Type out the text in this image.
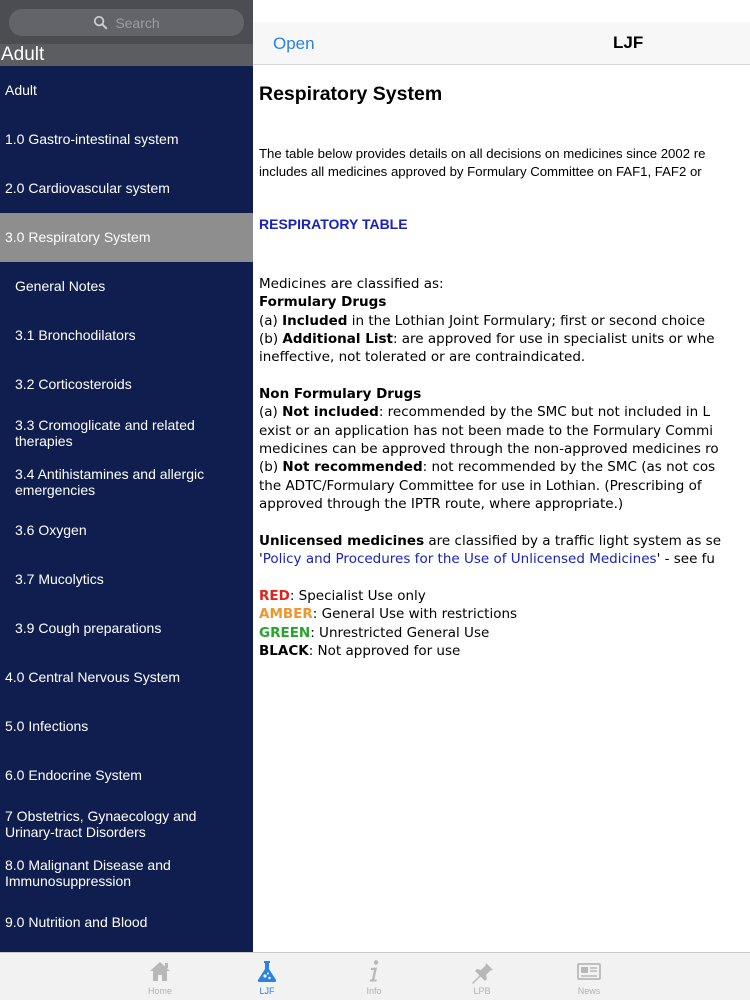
Search
Adult
Adult
1.0 Gastro-intestinal system
2.0 Cardiovascular system
3.0 Respiratory System
General Notes
3.1 Bronchodilators
3.2 Corticosteroids
3.3 Cromoglicate and related therapies
3.4 Antihistamines and allergic emergencies
3.6 Oxygen
3.7 Mucolytics
3.9 Cough preparations
4.0 Central Nervous System
5.0 Infections
6.0 Endocrine System
7 Obstetrics, Gynaecology and Urinary-tract Disorders
8.0 Malignant Disease and Immunosuppression
9.0 Nutrition and Blood
Open	LJF
Respiratory System
The table below provides details on all decisions on medicines since 2002 re
includes all medicines approved by Formulary Committee on FAF1, FAF2 or
RESPIRATORY TABLE

Medicines are classified as:

Formulary Drugs

(a) Included in the Lothian Joint Formulary; first or second choice

(b) Additional List: are approved for use in specialist units or whe

ineffective, not tolerated or are contraindicated.

Non Formulary Drugs

(a) Not included: recommended by the SMC but not included in L

exist or an application has not been made to the Formulary Commi

medicines can be approved through the non-approved medicines ro

(b) Not recommended: not recommended by the SMC (as not cos

the ADTC/Formulary Committee for use in Lothian. (Prescribing of

approved through the IPTR route, where appropriate.)

Unlicensed medicines are classified by a traffic light system as se

'Policy and Procedures for the Use of Unlicensed Medicines' - see fu

RED: Specialist Use only

AMBER: General Use with restrictions

GREEN: Unrestricted General Use

BLACK: Not approved for use

Home	LJF	Info	LPB	News
